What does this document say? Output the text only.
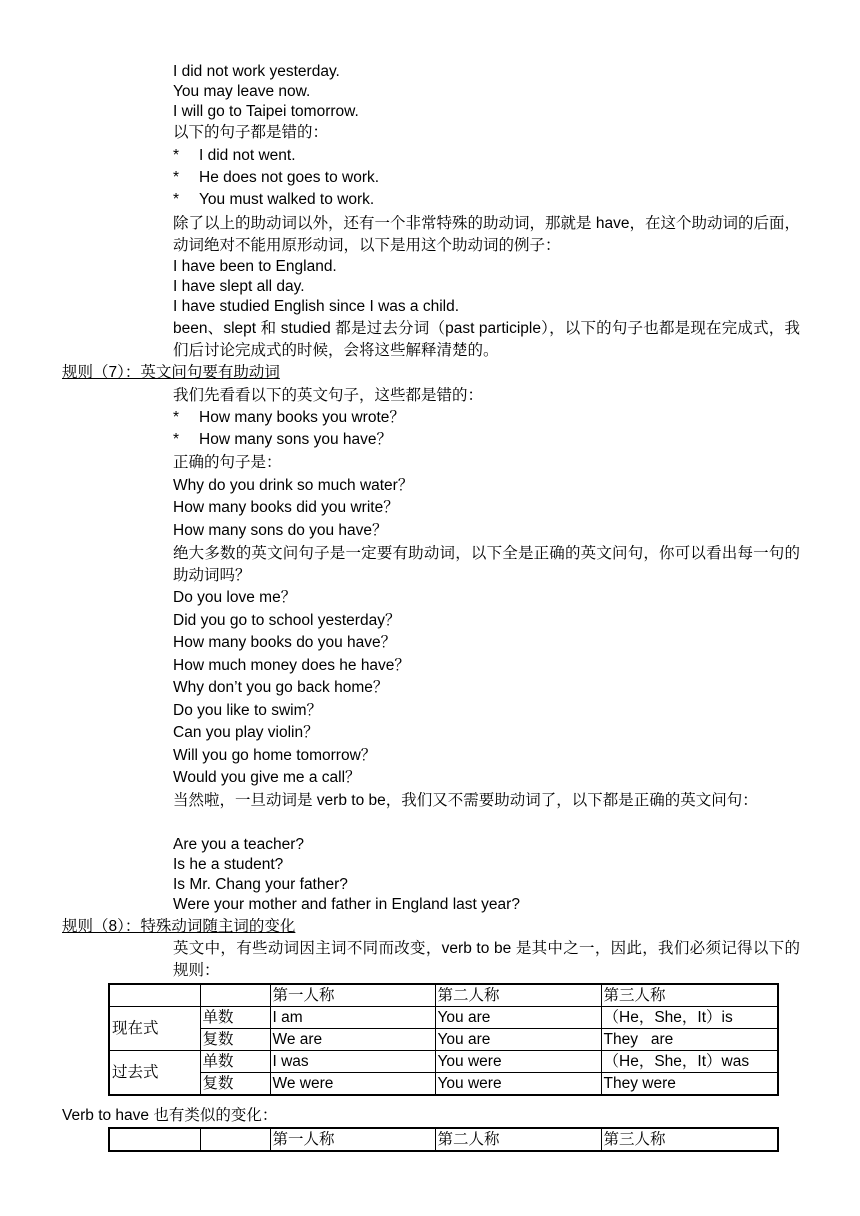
I did not work yesterday.
You may leave now.
I will go to Taipei tomorrow.
以下的句子都是错的：
* I did not went.
* He does not goes to work.
* You must walked to work.
除了以上的助动词以外，还有一个非常特殊的助动词，那就是 have，在这个助动词的后面，动词绝对不能用原形动词，以下是用这个助动词的例子：
I have been to England.
I have slept all day.
I have studied English since I was a child.
been、slept 和 studied 都是过去分词（past participle），以下的句子也都是现在完成式，我们后讨论完成式的时候，会将这些解释清楚的。
规则（7）：英文问句要有助动词
我们先看看以下的英文句子，这些都是错的：
* How many books you wrote？
* How many sons you have？
正确的句子是：
Why do you drink so much water？
How many books did you write？
How many sons do you have？
绝大多数的英文问句子是一定要有助动词，以下全是正确的英文问句，你可以看出每一句的助动词吗？
Do you love me？
Did you go to school yesterday？
How many books do you have？
How much money does he have？
Why don’t you go back home？
Do you like to swim？
Can you play violin？
Will you go home tomorrow？
Would you give me a call？
当然啦，一旦动词是 verb to be，我们又不需要助动词了，以下都是正确的英文问句：
Are you a teacher?
Is he a student?
Is Mr. Chang your father?
Were your mother and father in England last year?
规则（8）：特殊动词随主词的变化
英文中，有些动词因主词不同而改变，verb to be 是其中之一，因此，我们必须记得以下的规则：
		第一人称	第二人称	第三人称
现在式	单数	I am	You are	（He，She，It）is
	复数	We are	You are	They   are
过去式	单数	I was	You were	（He，She，It）was
	复数	We were	You were	They were
Verb to have 也有类似的变化：
		第一人称	第二人称	第三人称
